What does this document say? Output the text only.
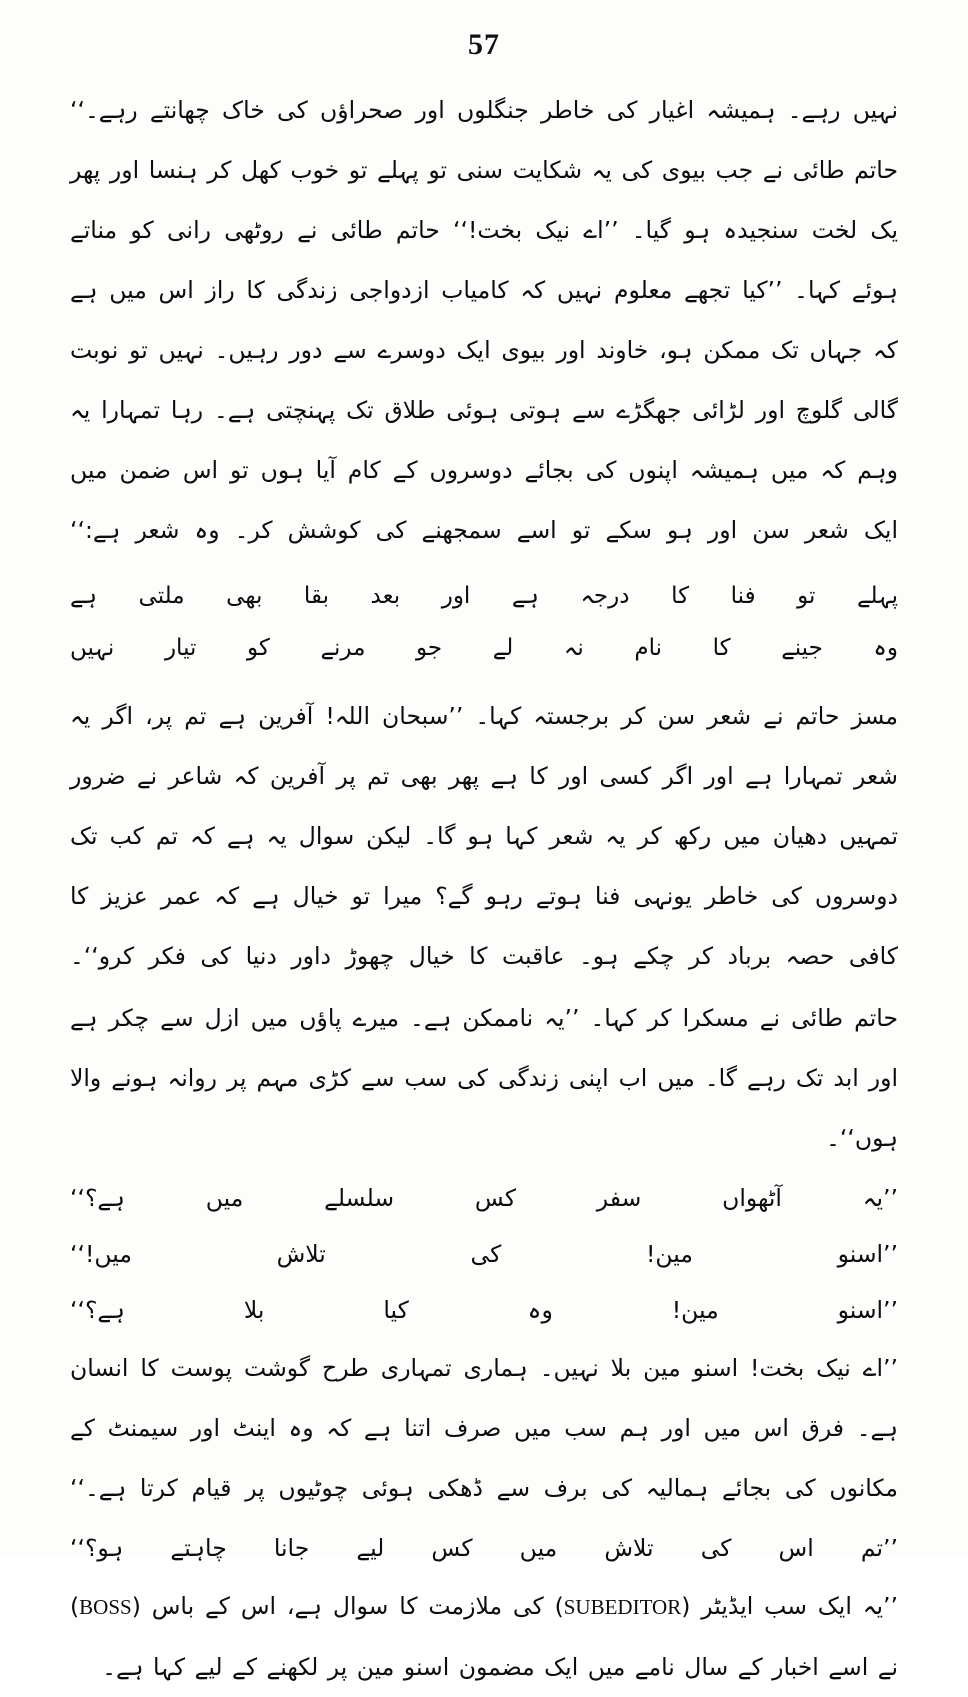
57

نہیں رہے۔ ہمیشہ اغیار کی خاطر جنگلوں اور صحراؤں کی خاک چھانتے رہے۔‘‘ حاتم طائی نے جب بیوی کی یہ شکایت سنی تو پہلے تو خوب کھل کر ہنسا اور پھر یک لخت سنجیدہ ہو گیا۔ ’’اے نیک بخت!‘‘ حاتم طائی نے روٹھی رانی کو مناتے ہوئے کہا۔ ’’کیا تجھے معلوم نہیں کہ کامیاب ازدواجی زندگی کا راز اس میں ہے کہ جہاں تک ممکن ہو، خاوند اور بیوی ایک دوسرے سے دور رہیں۔ نہیں تو نوبت گالی گلوچ اور لڑائی جھگڑے سے ہوتی ہوئی طلاق تک پہنچتی ہے۔ رہا تمہارا یہ وہم کہ میں ہمیشہ اپنوں کی بجائے دوسروں کے کام آیا ہوں تو اس ضمن میں ایک شعر سن اور ہو سکے تو اسے سمجھنے کی کوشش کر۔ وہ شعر ہے:‘‘

پہلے تو فنا کا درجہ ہے اور بعد بقا بھی ملتی ہے
وہ جینے کا نام نہ لے جو مرنے کو تیار نہیں

مسز حاتم نے شعر سن کر برجستہ کہا۔ ’’سبحان اللہ! آفرین ہے تم پر، اگر یہ شعر تمہارا ہے اور اگر کسی اور کا ہے پھر بھی تم پر آفرین کہ شاعر نے ضرور تمہیں دھیان میں رکھ کر یہ شعر کہا ہو گا۔ لیکن سوال یہ ہے کہ تم کب تک دوسروں کی خاطر یونہی فنا ہوتے رہو گے؟ میرا تو خیال ہے کہ عمر عزیز کا کافی حصہ برباد کر چکے ہو۔ عاقبت کا خیال چھوڑ داور دنیا کی فکر کرو‘‘۔

حاتم طائی نے مسکرا کر کہا۔ ’’یہ ناممکن ہے۔ میرے پاؤں میں ازل سے چکر ہے اور ابد تک رہے گا۔ میں اب اپنی زندگی کی سب سے کڑی مہم پر روانہ ہونے والا ہوں‘‘۔

’’یہ آٹھواں سفر کس سلسلے میں ہے؟‘‘

’’اسنو مین! کی تلاش میں!‘‘

’’اسنو مین! وہ کیا بلا ہے؟‘‘

’’اے نیک بخت! اسنو مین بلا نہیں۔ ہماری تمہاری طرح گوشت پوست کا انسان ہے۔ فرق اس میں اور ہم سب میں صرف اتنا ہے کہ وہ اینٹ اور سیمنٹ کے مکانوں کی بجائے ہمالیہ کی برف سے ڈھکی ہوئی چوٹیوں پر قیام کرتا ہے۔‘‘

’’تم اس کی تلاش میں کس لیے جانا چاہتے ہو؟‘‘

’’یہ ایک سب ایڈیٹر (SUBEDITOR) کی ملازمت کا سوال ہے، اس کے باس (BOSS) نے اسے اخبار کے سال نامے میں ایک مضمون اسنو مین پر لکھنے کے لیے کہا ہے۔
